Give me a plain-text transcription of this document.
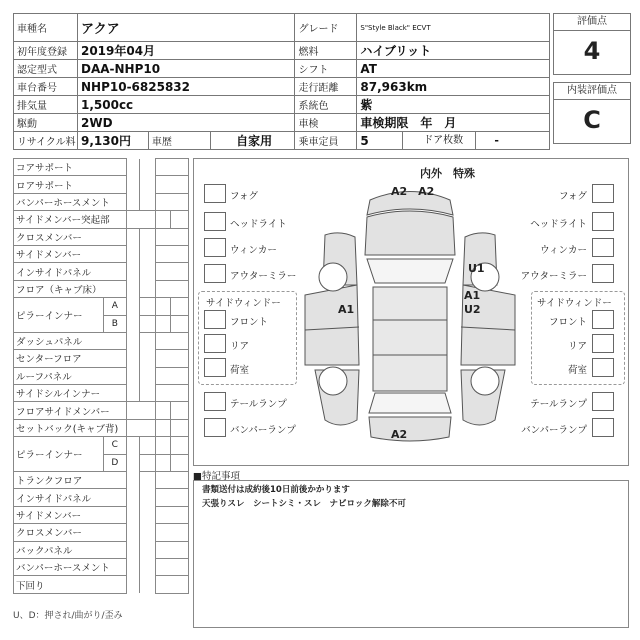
車種名	アクア			グレード	S"Style Black" ECVT
初年度登録	2019年04月			燃料	ハイブリット
認定型式	DAA-NHP10			シフト	AT
車台番号	NHP10-6825832			走行距離	87,963km
排気量	1,500cc			系統色	紫
駆動	2WD			車検	車検期限　年　月
リサイクル料	9,130円	車歴	自家用	乗車定員	5 ドア枚数 -
評価点
4
内装評価点
C
コアサポート					
ロアサポート					
バンパーホースメント					
サイドメンバー突起部					
クロスメンバー					
サイドメンバー					
インサイドパネル					
フロア（キャブ床）					
ピラーインナー	A				
	B				
ダッシュパネル					
センターフロア					
ルーフパネル					
サイドシルインナー					
フロアサイドメンバー					
セットバック(キャブ背)					
ピラーインナー	C				
	D				
トランクフロア					
インサイドパネル					
サイドメンバー					
クロスメンバー					
バックパネル					
バンパーホースメント					
下回り					
U、D：押され/曲がり/歪み
内外　特殊
フォグ
ヘッドライト
ウィンカー
アウターミラー
サイドウィンドー
フロント
リア
荷室
テールランプ
バンパーランプ
フォグ
ヘッドライト
ウィンカー
アウターミラー
サイドウィンドー
フロント
リア
荷室
テールランプ
バンパーランプ
A2　A2
A1
U1
A1
U2
A2
■特記事項
書類送付は成約後10日前後かかります
天張りスレ　シートシミ・スレ　ナビロック解除不可
